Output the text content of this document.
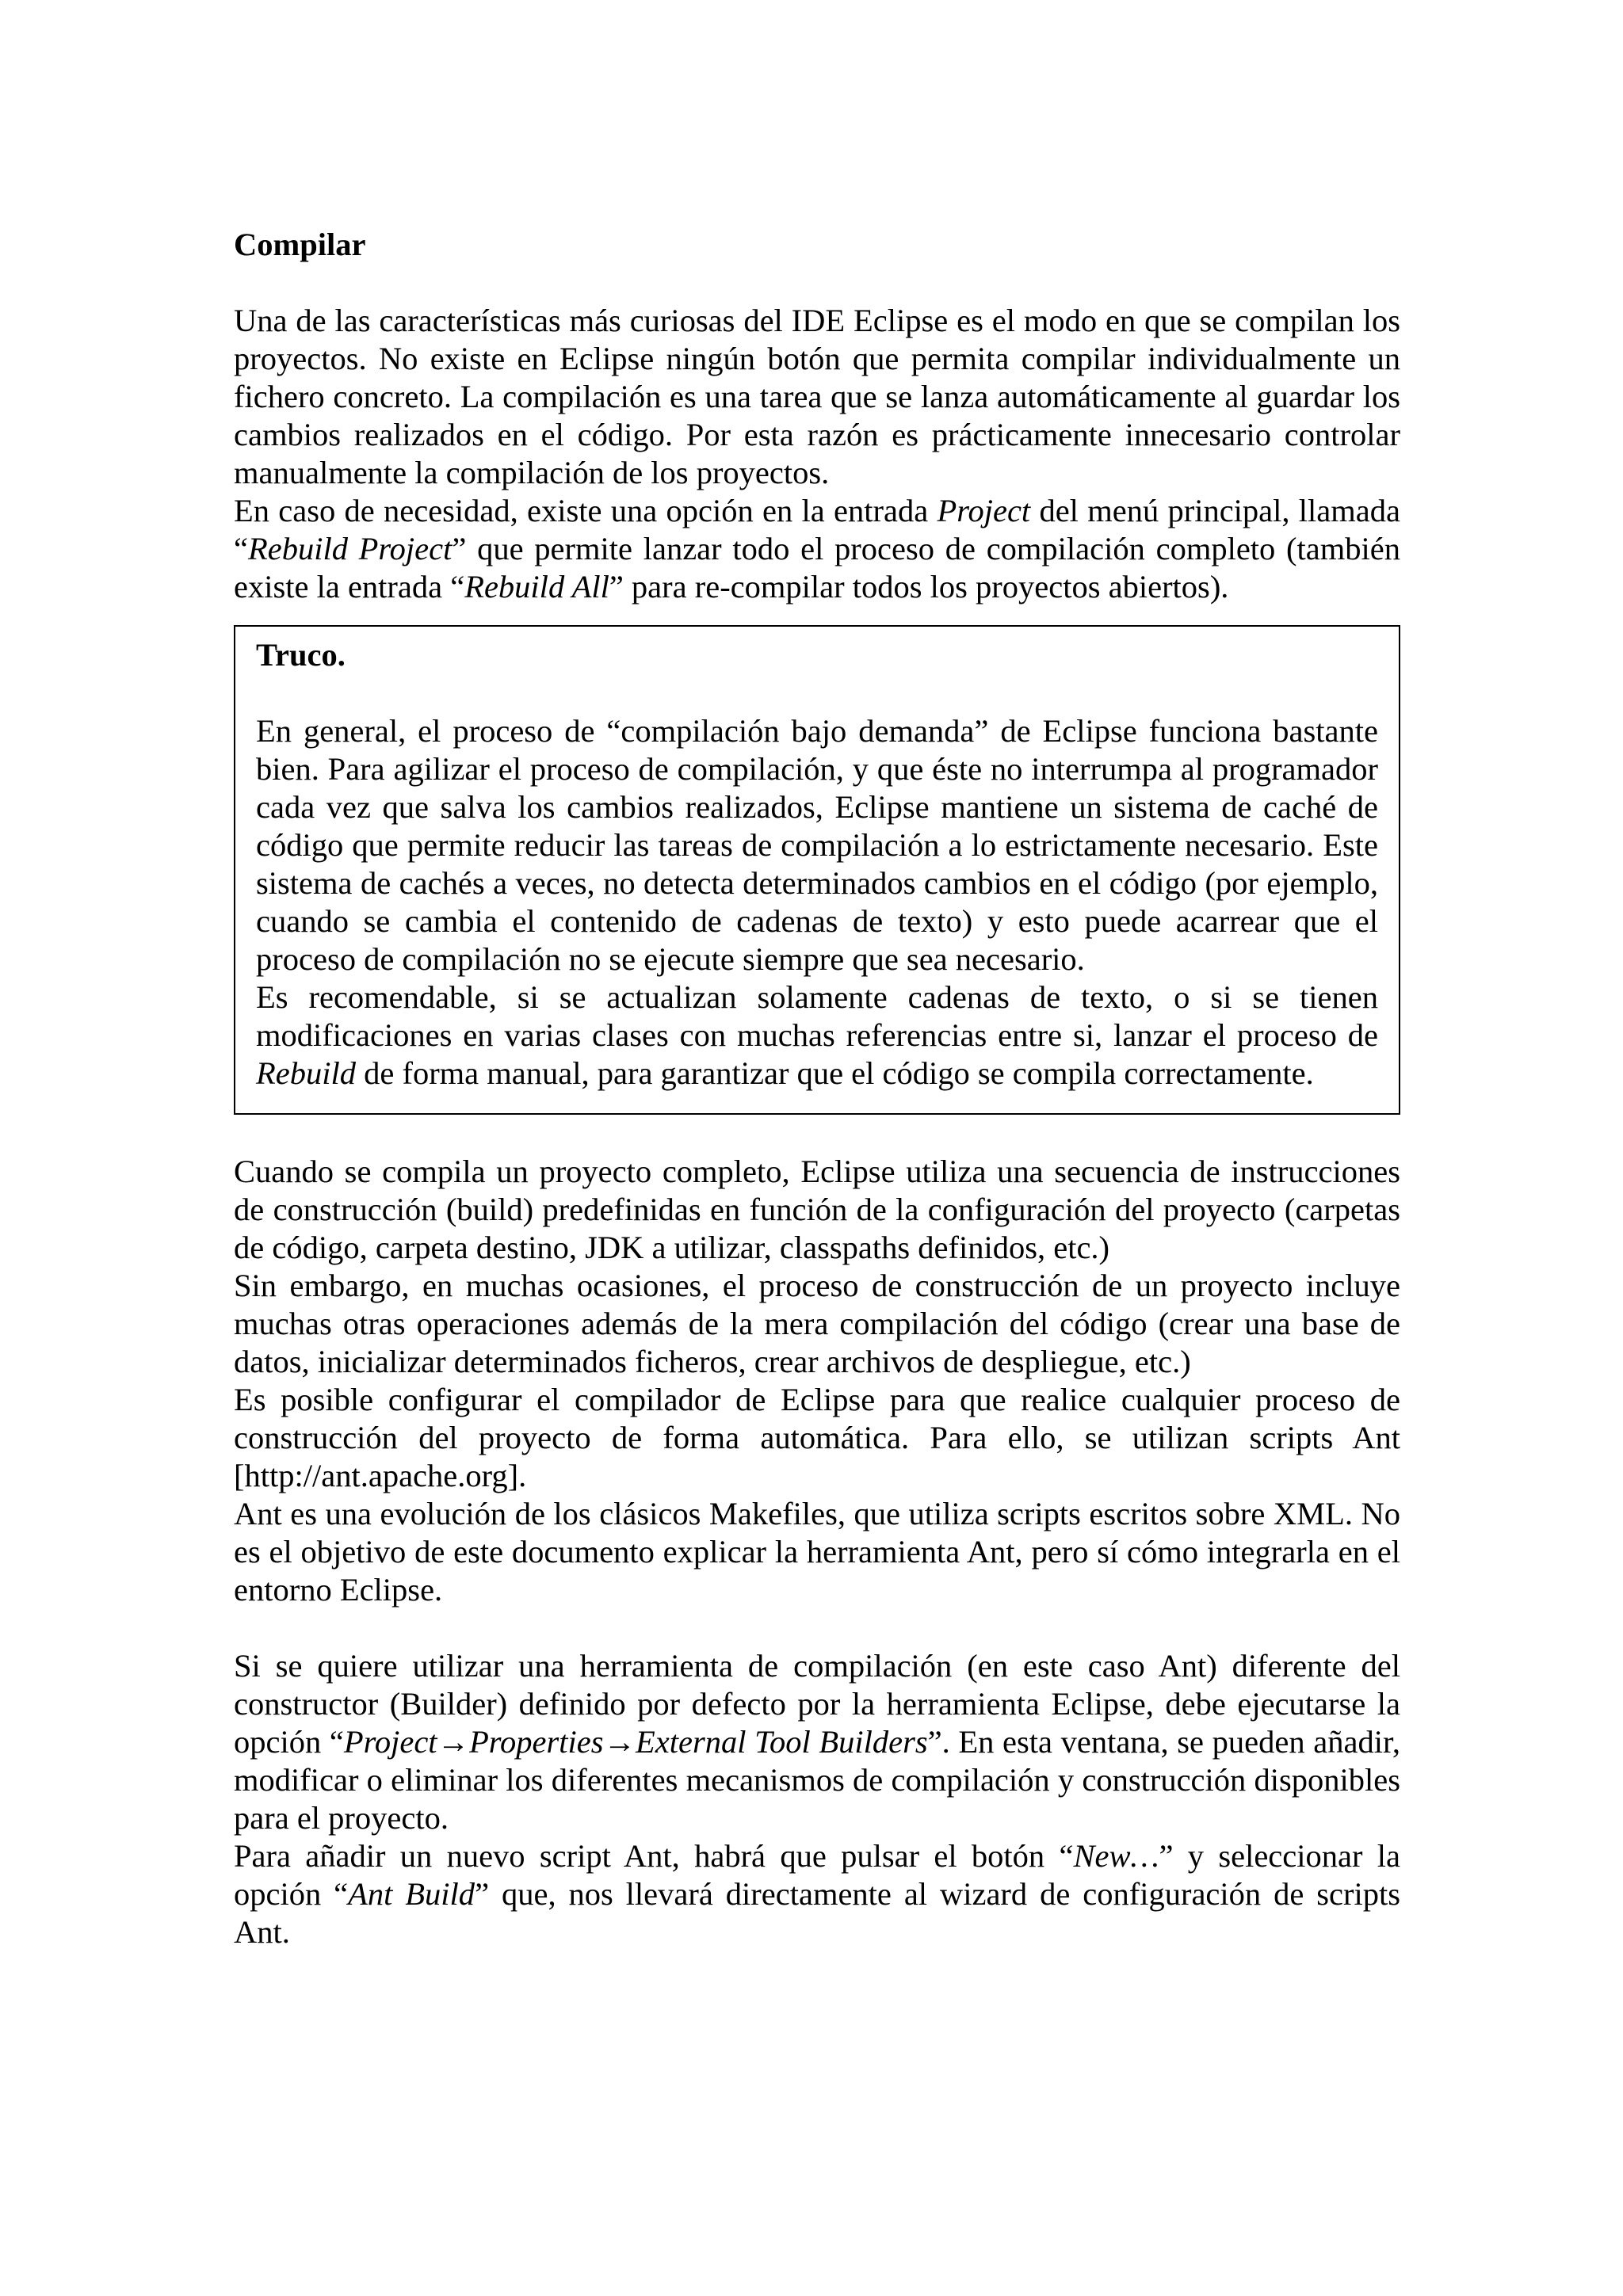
Compilar

Una de las características más curiosas del IDE Eclipse es el modo en que se compilan los proyectos. No existe en Eclipse ningún botón que permita compilar individualmente un fichero concreto. La compilación es una tarea que se lanza automáticamente al guardar los cambios realizados en el código. Por esta razón es prácticamente innecesario controlar manualmente la compilación de los proyectos.

En caso de necesidad, existe una opción en la entrada Project del menú principal, llamada “Rebuild Project” que permite lanzar todo el proceso de compilación completo (también existe la entrada “Rebuild All” para re-compilar todos los proyectos abiertos).

Truco.

En general, el proceso de “compilación bajo demanda” de Eclipse funciona bastante bien. Para agilizar el proceso de compilación, y que éste no interrumpa al programador cada vez que salva los cambios realizados, Eclipse mantiene un sistema de caché de código que permite reducir las tareas de compilación a lo estrictamente necesario. Este sistema de cachés a veces, no detecta determinados cambios en el código (por ejemplo, cuando se cambia el contenido de cadenas de texto) y esto puede acarrear que el proceso de compilación no se ejecute siempre que sea necesario.

Es recomendable, si se actualizan solamente cadenas de texto, o si se tienen modificaciones en varias clases con muchas referencias entre si, lanzar el proceso de Rebuild de forma manual, para garantizar que el código se compila correctamente.

Cuando se compila un proyecto completo, Eclipse utiliza una secuencia de instrucciones de construcción (build) predefinidas en función de la configuración del proyecto (carpetas de código, carpeta destino, JDK a utilizar, classpaths definidos, etc.)

Sin embargo, en muchas ocasiones, el proceso de construcción de un proyecto incluye muchas otras operaciones además de la mera compilación del código (crear una base de datos, inicializar determinados ficheros, crear archivos de despliegue, etc.)

Es posible configurar el compilador de Eclipse para que realice cualquier proceso de construcción del proyecto de forma automática. Para ello, se utilizan scripts Ant [http://ant.apache.org].

Ant es una evolución de los clásicos Makefiles, que utiliza scripts escritos sobre XML. No es el objetivo de este documento explicar la herramienta Ant, pero sí cómo integrarla en el entorno Eclipse.

Si se quiere utilizar una herramienta de compilación (en este caso Ant) diferente del constructor (Builder) definido por defecto por la herramienta Eclipse, debe ejecutarse la opción “Project→Properties→External Tool Builders”. En esta ventana, se pueden añadir, modificar o eliminar los diferentes mecanismos de compilación y construcción disponibles para el proyecto.

Para añadir un nuevo script Ant, habrá que pulsar el botón “New…” y seleccionar la opción “Ant Build” que, nos llevará directamente al wizard de configuración de scripts Ant.
